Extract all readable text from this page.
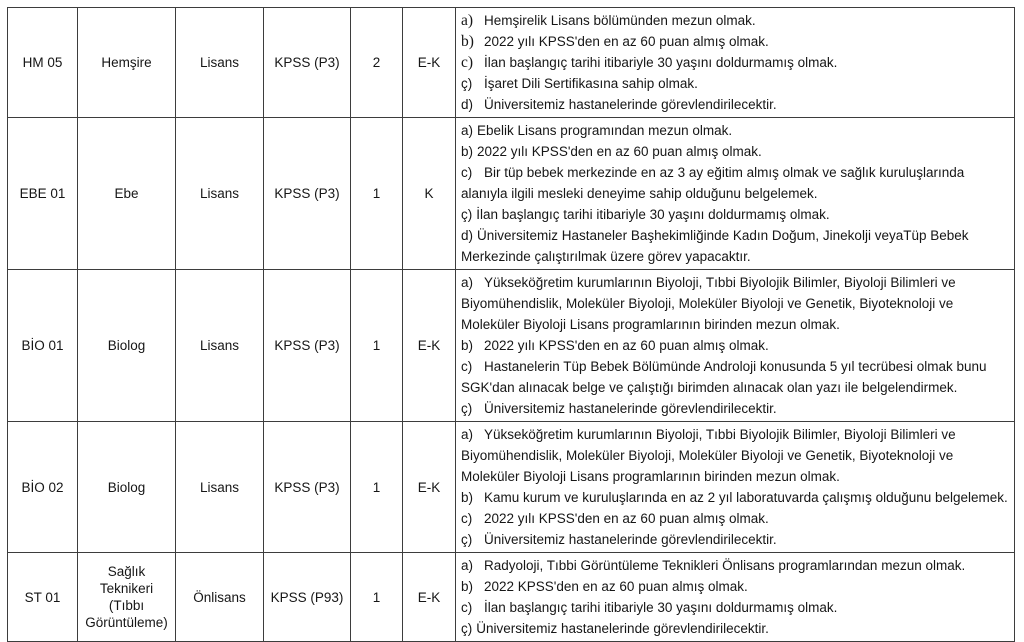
HM 05	Hemşire	Lisans	KPSS (P3)	2	E-K	a) Hemşirelik Lisans bölümünden mezun olmak.
b) 2022 yılı KPSS'den en az 60 puan almış olmak.
c) İlan başlangıç tarihi itibariyle 30 yaşını doldurmamış olmak.
ç) İşaret Dili Sertifikasına sahip olmak.
d) Üniversitemiz hastanelerinde görevlendirilecektir.

EBE 01	Ebe	Lisans	KPSS (P3)	1	K	a) Ebelik Lisans programından mezun olmak.
b) 2022 yılı KPSS'den en az 60 puan almış olmak.
c) Bir tüp bebek merkezinde en az 3 ay eğitim almış olmak ve sağlık kuruluşlarında alanıyla ilgili mesleki deneyime sahip olduğunu belgelemek.
ç) İlan başlangıç tarihi itibariyle 30 yaşını doldurmamış olmak.
d) Üniversitemiz Hastaneler Başhekimliğinde Kadın Doğum, Jinekolji veyaTüp Bebek Merkezinde çalıştırılmak üzere görev yapacaktır.

BİO 01	Biolog	Lisans	KPSS (P3)	1	E-K	a) Yükseköğretim kurumlarının Biyoloji, Tıbbi Biyolojik Bilimler, Biyoloji Bilimleri ve Biyomühendislik, Moleküler Biyoloji, Moleküler Biyoloji ve Genetik, Biyoteknoloji ve Moleküler Biyoloji Lisans programlarının birinden mezun olmak.
b) 2022 yılı KPSS'den en az 60 puan almış olmak.
c) Hastanelerin Tüp Bebek Bölümünde Androloji konusunda 5 yıl tecrübesi olmak bunu SGK'dan alınacak belge ve çalıştığı birimden alınacak olan yazı ile belgelendirmek.
ç) Üniversitemiz hastanelerinde görevlendirilecektir.

BİO 02	Biolog	Lisans	KPSS (P3)	1	E-K	a) Yükseköğretim kurumlarının Biyoloji, Tıbbi Biyolojik Bilimler, Biyoloji Bilimleri ve Biyomühendislik, Moleküler Biyoloji, Moleküler Biyoloji ve Genetik, Biyoteknoloji ve Moleküler Biyoloji Lisans programlarının birinden mezun olmak.
b) Kamu kurum ve kuruluşlarında en az 2 yıl laboratuvarda çalışmış olduğunu belgelemek.
c) 2022 yılı KPSS'den en az 60 puan almış olmak.
ç) Üniversitemiz hastanelerinde görevlendirilecektir.

ST 01	Sağlık Teknikeri (Tıbbı Görüntüleme)	Önlisans	KPSS (P93)	1	E-K	a) Radyoloji, Tıbbi Görüntüleme Teknikleri Önlisans programlarından mezun olmak.
b) 2022 KPSS'den en az 60 puan almış olmak.
c) İlan başlangıç tarihi itibariyle 30 yaşını doldurmamış olmak.
ç) Üniversitemiz hastanelerinde görevlendirilecektir.
